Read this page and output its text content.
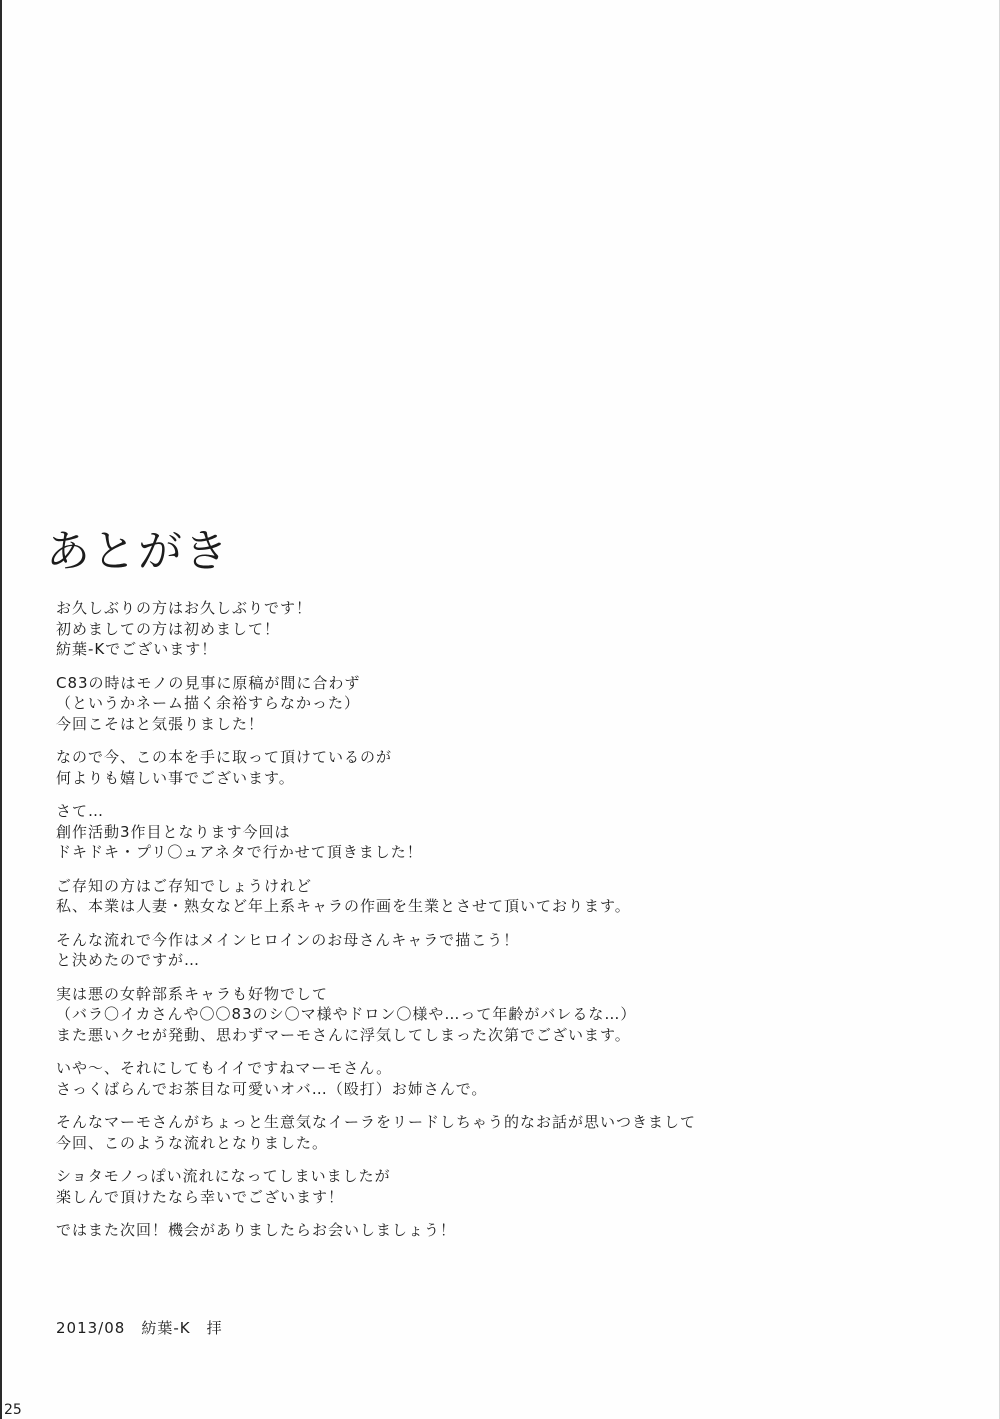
あとがき
お久しぶりの方はお久しぶりです！
初めましての方は初めまして！
紡葉-Kでございます！
C83の時はモノの見事に原稿が間に合わず
（というかネーム描く余裕すらなかった）
今回こそはと気張りました！
なので今、この本を手に取って頂けているのが
何よりも嬉しい事でございます。
さて…
創作活動3作目となります今回は
ドキドキ・プリ〇ュアネタで行かせて頂きました！
ご存知の方はご存知でしょうけれど
私、本業は人妻・熟女など年上系キャラの作画を生業とさせて頂いております。
そんな流れで今作はメインヒロインのお母さんキャラで描こう！
と決めたのですが…
実は悪の女幹部系キャラも好物でして
（バラ〇イカさんや〇〇83のシ〇マ様やドロン〇様や…って年齢がバレるな…）
また悪いクセが発動、思わずマーモさんに浮気してしまった次第でございます。
いや～、それにしてもイイですねマーモさん。
さっくばらんでお茶目な可愛いオバ…（殴打）お姉さんで。
そんなマーモさんがちょっと生意気なイーラをリードしちゃう的なお話が思いつきまして
今回、このような流れとなりました。
ショタモノっぽい流れになってしまいましたが
楽しんで頂けたなら幸いでございます！
ではまた次回！機会がありましたらお会いしましょう！
2013/08　紡葉-K　拝
25
